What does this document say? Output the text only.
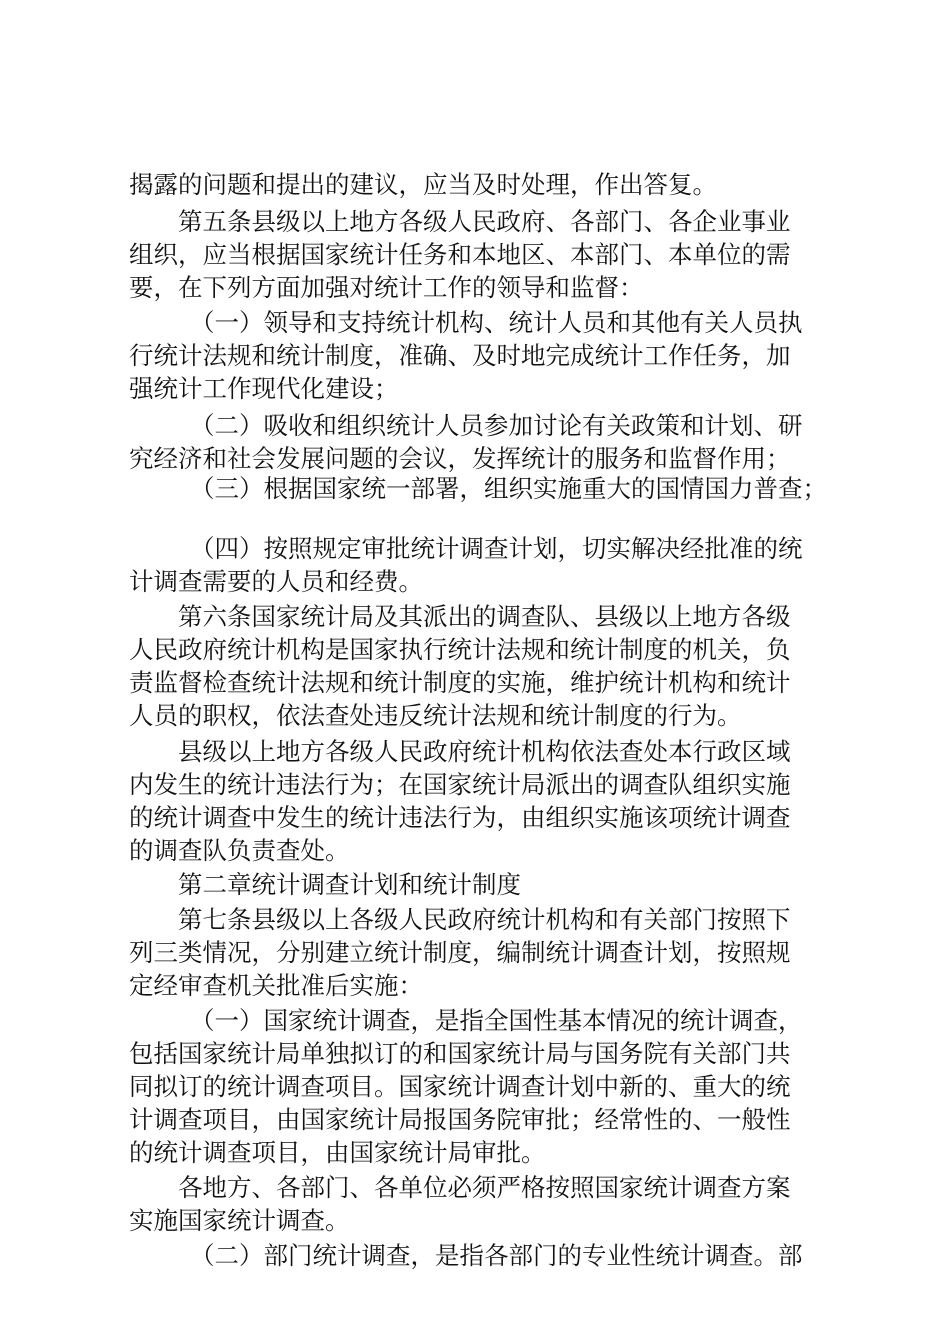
揭露的问题和提出的建议，应当及时处理，作出答复。
第五条县级以上地方各级人民政府、各部门、各企业事业
组织，应当根据国家统计任务和本地区、本部门、本单位的需
要，在下列方面加强对统计工作的领导和监督：
（一）领导和支持统计机构、统计人员和其他有关人员执
行统计法规和统计制度，准确、及时地完成统计工作任务，加
强统计工作现代化建设；
（二）吸收和组织统计人员参加讨论有关政策和计划、研
究经济和社会发展问题的会议，发挥统计的服务和监督作用；
（三）根据国家统一部署，组织实施重大的国情国力普查；
（四）按照规定审批统计调查计划，切实解决经批准的统
计调查需要的人员和经费。
第六条国家统计局及其派出的调查队、县级以上地方各级
人民政府统计机构是国家执行统计法规和统计制度的机关，负
责监督检查统计法规和统计制度的实施，维护统计机构和统计
人员的职权，依法查处违反统计法规和统计制度的行为。
县级以上地方各级人民政府统计机构依法查处本行政区域
内发生的统计违法行为；在国家统计局派出的调查队组织实施
的统计调查中发生的统计违法行为，由组织实施该项统计调查
的调查队负责查处。
第二章统计调查计划和统计制度
第七条县级以上各级人民政府统计机构和有关部门按照下
列三类情况，分别建立统计制度，编制统计调查计划，按照规
定经审查机关批准后实施：
（一）国家统计调查，是指全国性基本情况的统计调查，
包括国家统计局单独拟订的和国家统计局与国务院有关部门共
同拟订的统计调查项目。国家统计调查计划中新的、重大的统
计调查项目，由国家统计局报国务院审批；经常性的、一般性
的统计调查项目，由国家统计局审批。
各地方、各部门、各单位必须严格按照国家统计调查方案
实施国家统计调查。
（二）部门统计调查，是指各部门的专业性统计调查。部
